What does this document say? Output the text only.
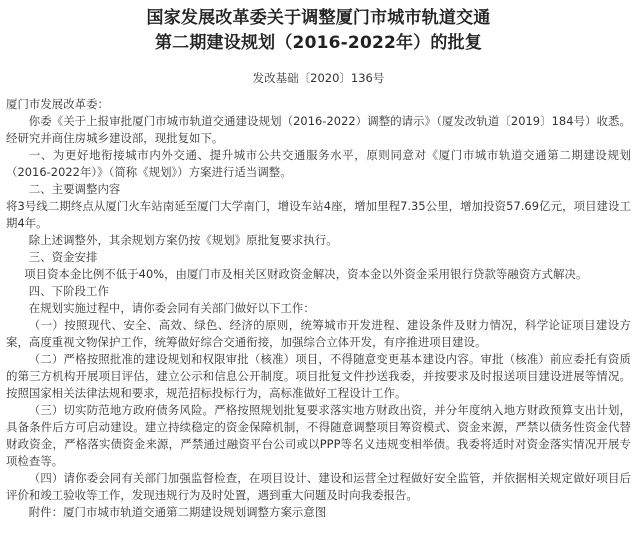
国家发展改革委关于调整厦门市城市轨道交通

第二期建设规划（2016-2022年）的批复

发改基础〔2020〕136号

厦门市发展改革委：

你委《关于上报审批厦门市城市轨道交通建设规划（2016-2022）调整的请示》（厦发改轨道〔2019〕184号）收悉。经研究并商住房城乡建设部，现批复如下。

一、为更好地衔接城市内外交通、提升城市公共交通服务水平，原则同意对《厦门市城市轨道交通第二期建设规划（2016-2022年）》（简称《规划》）方案进行适当调整。

二、主要调整内容

将3号线二期终点从厦门火车站南延至厦门大学南门，增设车站4座，增加里程7.35公里，增加投资57.69亿元，项目建设工期4年。

除上述调整外，其余规划方案仍按《规划》原批复要求执行。

三、资金安排

项目资本金比例不低于40%，由厦门市及相关区财政资金解决，资本金以外资金采用银行贷款等融资方式解决。

四、下阶段工作

在规划实施过程中，请你委会同有关部门做好以下工作：

（一）按照现代、安全、高效、绿色、经济的原则，统筹城市开发进程、建设条件及财力情况，科学论证项目建设方案，高度重视文物保护工作，统筹做好综合交通衔接，加强综合立体开发，有序推进项目建设。

（二）严格按照批准的建设规划和权限审批（核准）项目，不得随意变更基本建设内容。审批（核准）前应委托有资质的第三方机构开展项目评估，建立公示和信息公开制度。项目批复文件抄送我委，并按要求及时报送项目建设进展等情况。按照国家相关法律法规和要求，规范招标投标行为，高标准做好工程设计工作。

（三）切实防范地方政府债务风险。严格按照规划批复要求落实地方财政出资，并分年度纳入地方财政预算支出计划，具备条件后方可启动建设。建立持续稳定的资金保障机制，不得随意调整项目筹资模式、资金来源，严禁以债务性资金代替财政资金，严格落实债资金来源，严禁通过融资平台公司或以PPP等名义违规变相举债。我委将适时对资金落实情况开展专项检查等。

（四）请你委会同有关部门加强监督检查，在项目设计、建设和运营全过程做好安全监管，并依据相关规定做好项目后评价和竣工验收等工作，发现违规行为及时处置，遇到重大问题及时向我委报告。

附件：厦门市城市轨道交通第二期建设规划调整方案示意图
